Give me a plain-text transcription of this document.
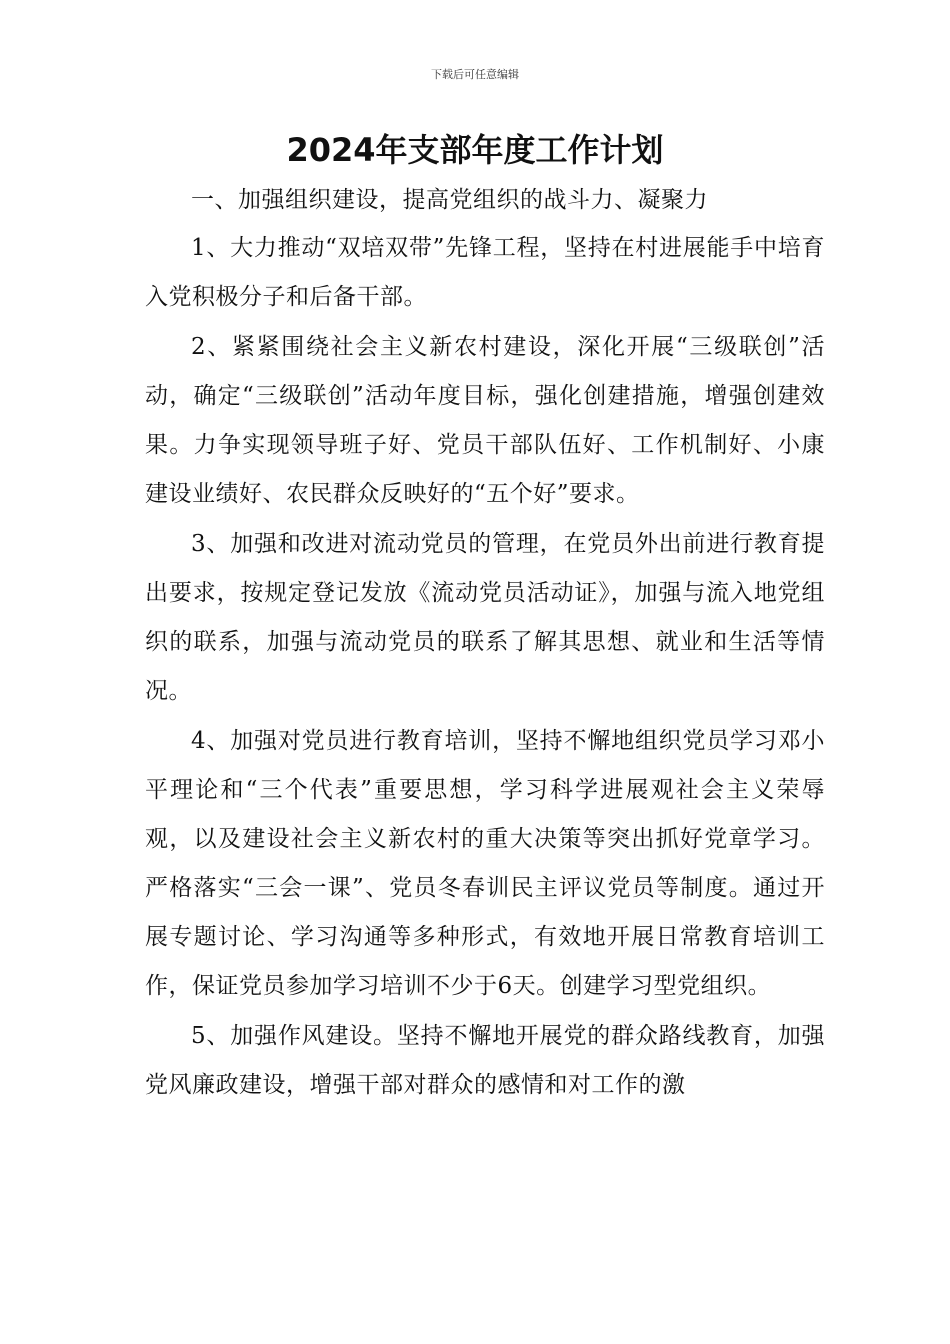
下载后可任意编辑
2024年支部年度工作计划

一、加强组织建设，提高党组织的战斗力、凝聚力

1、大力推动“双培双带”先锋工程，坚持在村进展能手中培育入党积极分子和后备干部。

2、紧紧围绕社会主义新农村建设，深化开展“三级联创”活动，确定“三级联创”活动年度目标，强化创建措施，增强创建效果。力争实现领导班子好、党员干部队伍好、工作机制好、小康建设业绩好、农民群众反映好的“五个好”要求。

3、加强和改进对流动党员的管理，在党员外出前进行教育提出要求，按规定登记发放《流动党员活动证》，加强与流入地党组织的联系，加强与流动党员的联系了解其思想、就业和生活等情况。

4、加强对党员进行教育培训，坚持不懈地组织党员学习邓小平理论和“三个代表”重要思想，学习科学进展观社会主义荣辱观，以及建设社会主义新农村的重大决策等突出抓好党章学习。严格落实“三会一课”、党员冬春训民主评议党员等制度。通过开展专题讨论、学习沟通等多种形式，有效地开展日常教育培训工作，保证党员参加学习培训不少于6天。创建学习型党组织。

5、加强作风建设。坚持不懈地开展党的群众路线教育，加强党风廉政建设，增强干部对群众的感情和对工作的激
